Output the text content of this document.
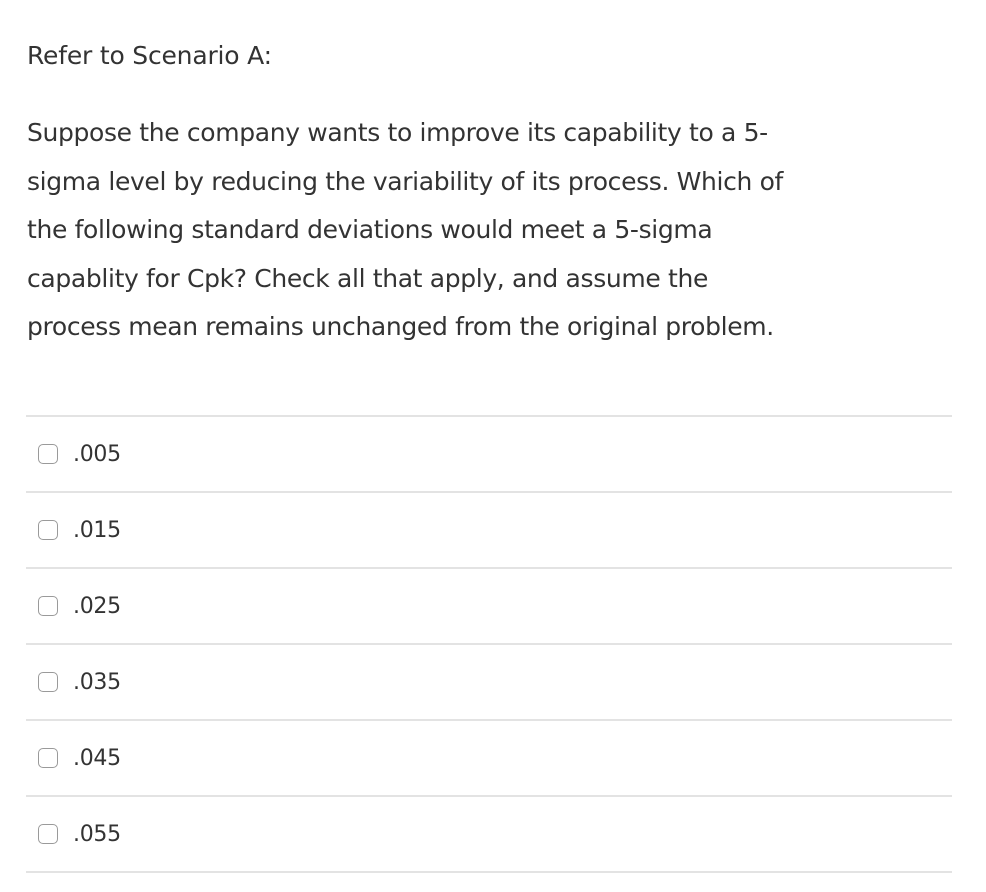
Refer to Scenario A:

Suppose the company wants to improve its capability to a 5-
sigma level by reducing the variability of its process. Which of
the following standard deviations would meet a 5-sigma
capablity for Cpk? Check all that apply, and assume the
process mean remains unchanged from the original problem.

.005
.015
.025
.035
.045
.055
